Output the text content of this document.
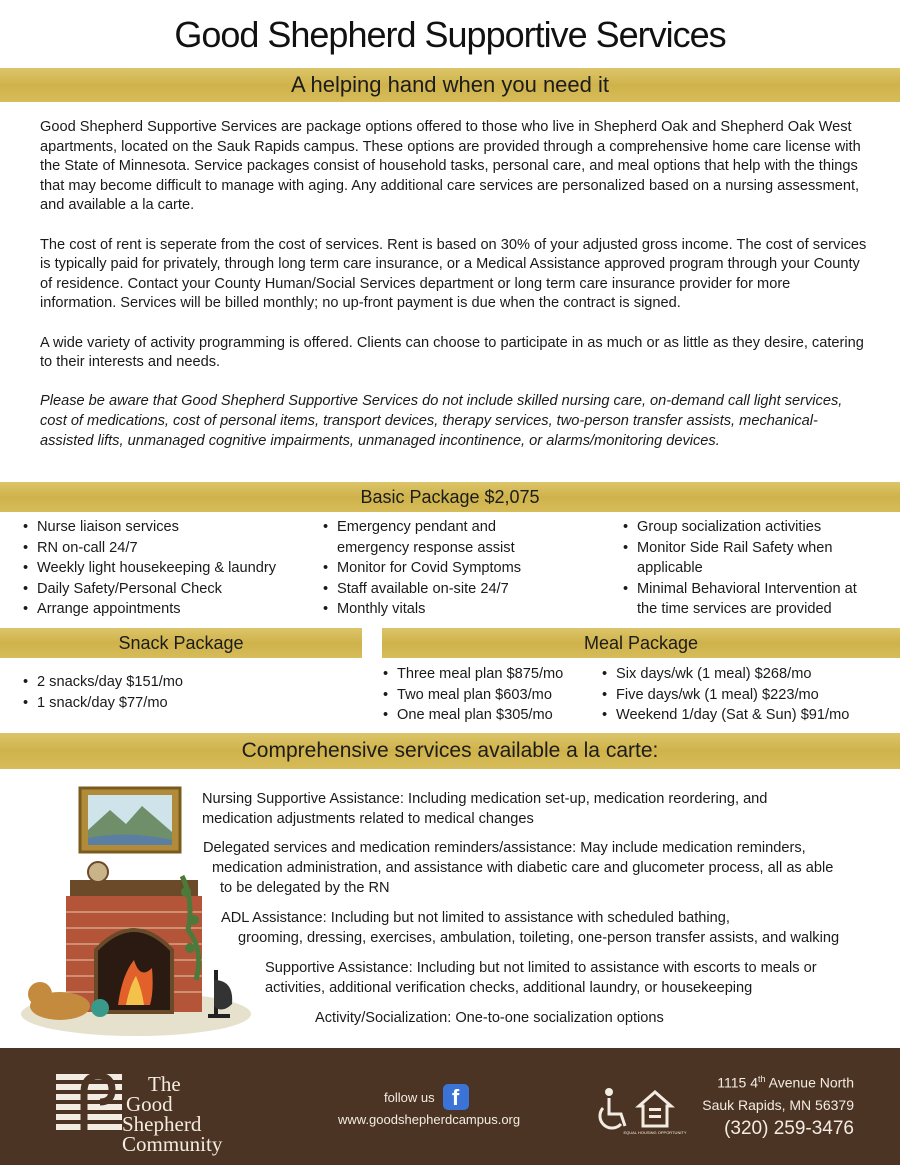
Good Shepherd Supportive Services
A helping hand when you need it

Good Shepherd Supportive Services are package options offered to those who live in Shepherd Oak and Shepherd Oak West apartments, located on the Sauk Rapids campus. These options are provided through a comprehensive home care license with the State of Minnesota. Service packages consist of household tasks, personal care, and meal options that help with the things that may become difficult to manage with aging. Any additional care services are personalized based on a nursing assessment, and available a la carte.

The cost of rent is seperate from the cost of services. Rent is based on 30% of your adjusted gross income. The cost of services is typically paid for privately, through long term care insurance, or a Medical Assistance approved program through your County of residence. Contact your County Human/Social Services department or long term care insurance provider for more information. Services will be billed monthly; no up-front payment is due when the contract is signed.

A wide variety of activity programming is offered. Clients can choose to participate in as much or as little as they desire, catering to their interests and needs.

Please be aware that Good Shepherd Supportive Services do not include skilled nursing care, on-demand call light services, cost of medications, cost of personal items, transport devices, therapy services, two-person transfer assists, mechanical-assisted lifts, unmanaged cognitive impairments, unmanaged incontinence, or alarms/monitoring devices.

Basic Package $2,075
• Nurse liaison services
• RN on-call 24/7
• Weekly light housekeeping & laundry
• Daily Safety/Personal Check
• Arrange appointments
• Emergency pendant and
emergency response assist
• Monitor for Covid Symptoms
• Staff available on-site 24/7
• Monthly vitals
• Group socialization activities
• Monitor Side Rail Safety when
applicable
• Minimal Behavioral Intervention at
the time services are provided
Snack Package	Meal Package
• 2 snacks/day $151/mo
• 1 snack/day $77/mo
• Three meal plan $875/mo
• Two meal plan $603/mo
• One meal plan $305/mo
• Six days/wk (1 meal) $268/mo
• Five days/wk (1 meal) $223/mo
• Weekend 1/day (Sat & Sun) $91/mo
Comprehensive services available a la carte:
Nursing Supportive Assistance: Including medication set-up, medication reordering, and
medication adjustments related to medical changes
Delegated services and medication reminders/assistance: May include medication reminders,
medication administration, and assistance with diabetic care and glucometer process, all as able
to be delegated by the RN
ADL Assistance: Including but not limited to assistance with scheduled bathing,
grooming, dressing, exercises, ambulation, toileting, one-person transfer assists, and walking
Supportive Assistance: Including but not limited to assistance with escorts to meals or
activities, additional verification checks, additional laundry, or housekeeping
Activity/Socialization: One-to-one socialization options
The
Good
Shepherd
Community
follow us f
www.goodshepherdcampus.org
EQUAL HOUSING OPPORTUNITY
1115 4th Avenue North
Sauk Rapids, MN 56379
(320) 259-3476
